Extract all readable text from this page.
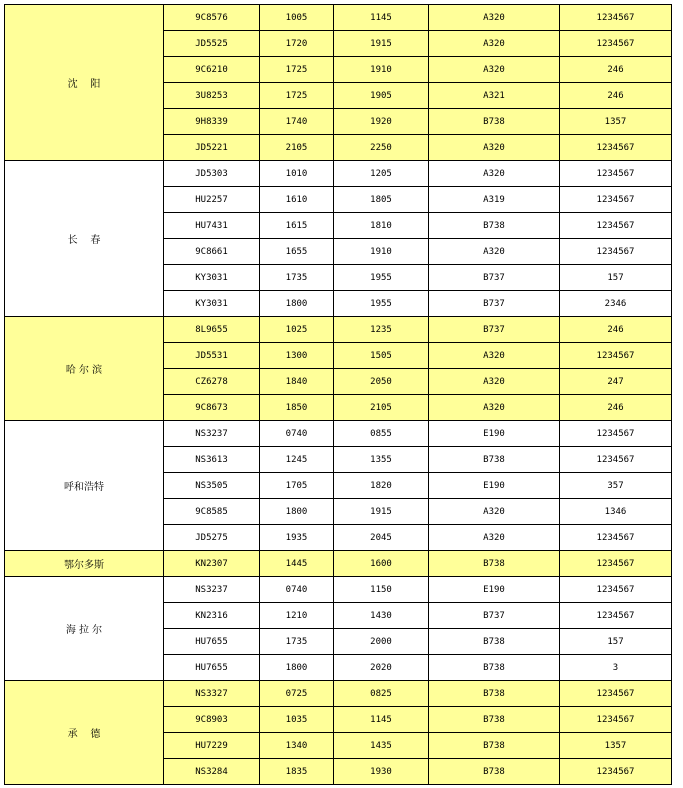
沈    阳	9C8576	1005	1145	A320	1234567
	JD5525	1720	1915	A320	1234567
	9C6210	1725	1910	A320	246
	3U8253	1725	1905	A321	246
	9H8339	1740	1920	B738	1357
	JD5221	2105	2250	A320	1234567
长    春	JD5303	1010	1205	A320	1234567
	HU2257	1610	1805	A319	1234567
	HU7431	1615	1810	B738	1234567
	9C8661	1655	1910	A320	1234567
	KY3031	1735	1955	B737	157
	KY3031	1800	1955	B737	2346
哈 尔 滨	8L9655	1025	1235	B737	246
	JD5531	1300	1505	A320	1234567
	CZ6278	1840	2050	A320	247
	9C8673	1850	2105	A320	246
呼和浩特	NS3237	0740	0855	E190	1234567
	NS3613	1245	1355	B738	1234567
	NS3505	1705	1820	E190	357
	9C8585	1800	1915	A320	1346
	JD5275	1935	2045	A320	1234567
鄂尔多斯	KN2307	1445	1600	B738	1234567
海 拉 尔	NS3237	0740	1150	E190	1234567
	KN2316	1210	1430	B737	1234567
	HU7655	1735	2000	B738	157
	HU7655	1800	2020	B738	3
承    德	NS3327	0725	0825	B738	1234567
	9C8903	1035	1145	B738	1234567
	HU7229	1340	1435	B738	1357
	NS3284	1835	1930	B738	1234567
